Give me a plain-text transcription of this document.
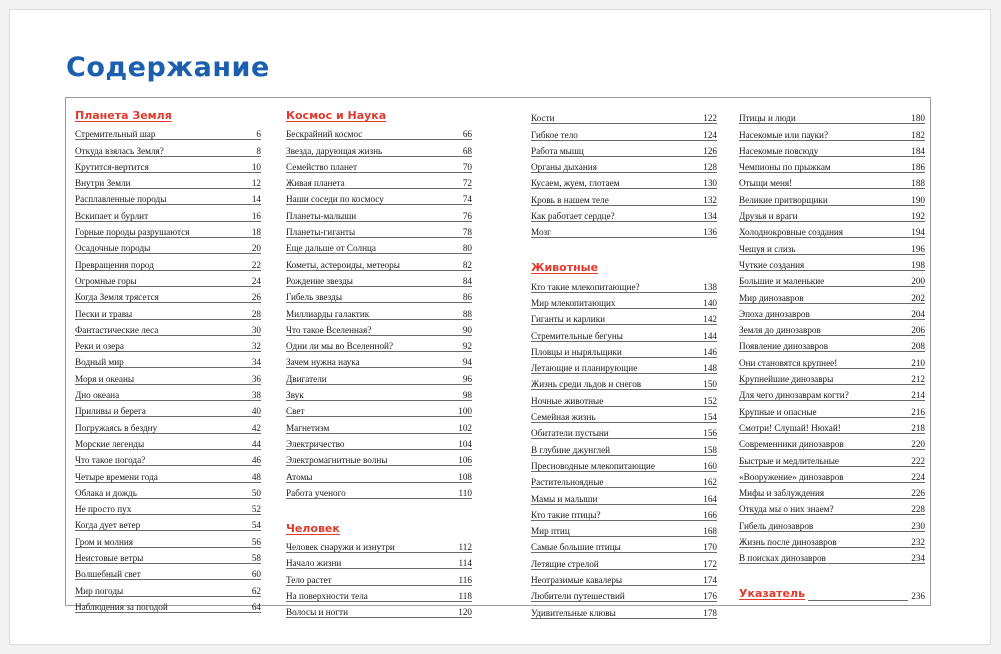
Содержание
Планета Земля
Стремительный шар	6
Откуда взялась Земля?	8
Крутится-вертится	10
Внутри Земли	12
Расплавленные породы	14
Вскипает и бурлит	16
Горные породы разрушаются	18
Осадочные породы	20
Превращения пород	22
Огромные горы	24
Когда Земля трясется	26
Пески и травы	28
Фантастические леса	30
Реки и озера	32
Водный мир	34
Моря и океаны	36
Дно океана	38
Приливы и берега	40
Погружаясь в бездну	42
Морские легенды	44
Что такое погода?	46
Четыре времени года	48
Облака и дождь	50
Не просто пух	52
Когда дует ветер	54
Гром и молния	56
Неистовые ветры	58
Волшебный свет	60
Мир погоды	62
Наблюдения за погодой	64
Космос и Наука
Бескрайний космос	66
Звезда, дарующая жизнь	68
Семейство планет	70
Живая планета	72
Наши соседи по космосу	74
Планеты-малыши	76
Планеты-гиганты	78
Еще дальше от Солнца	80
Кометы, астероиды, метеоры	82
Рождение звезды	84
Гибель звезды	86
Миллиарды галактик	88
Что такое Вселенная?	90
Одни ли мы во Вселенной?	92
Зачем нужна наука	94
Двигатели	96
Звук	98
Свет	100
Магнетизм	102
Электричество	104
Электромагнитные волны	106
Атомы	108
Работа ученого	110
Человек
Человек снаружи и изнутри	112
Начало жизни	114
Тело растет	116
На поверхности тела	118
Волосы и ногти	120
Кости	122
Гибкое тело	124
Работа мышц	126
Органы дыхания	128
Кусаем, жуем, глотаем	130
Кровь в нашем теле	132
Как работает сердце?	134
Мозг	136
Животные
Кто такие млекопитающие?	138
Мир млекопитающих	140
Гиганты и карлики	142
Стремительные бегуны	144
Пловцы и ныряльщики	146
Летающие и планирующие	148
Жизнь среди льдов и снегов	150
Ночные животные	152
Семейная жизнь	154
Обитатели пустыни	156
В глубине джунглей	158
Пресноводные млекопитающие	160
Растительноядные	162
Мамы и малыши	164
Кто такие птицы?	166
Мир птиц	168
Самые большие птицы	170
Летящие стрелой	172
Неотразимые кавалеры	174
Любители путешествий	176
Удивительные клювы	178
Птицы и люди	180
Насекомые или пауки?	182
Насекомые повсюду	184
Чемпионы по прыжкам	186
Отыщи меня!	188
Великие притворщики	190
Друзья и враги	192
Холоднокровные создания	194
Чешуя и слизь	196
Чуткие создания	198
Большие и маленькие	200
Мир динозавров	202
Эпоха динозавров	204
Земля до динозавров	206
Появление динозавров	208
Они становятся крупнее!	210
Крупнейшие динозавры	212
Для чего динозаврам когти?	214
Крупные и опасные	216
Смотри! Слушай! Нюхай!	218
Современники динозавров	220
Быстрые и медлительные	222
«Вооружение» динозавров	224
Мифы и заблуждения	226
Откуда мы о них знаем?	228
Гибель динозавров	230
Жизнь после динозавров	232
В поисках динозавров	234
Указатель	236
